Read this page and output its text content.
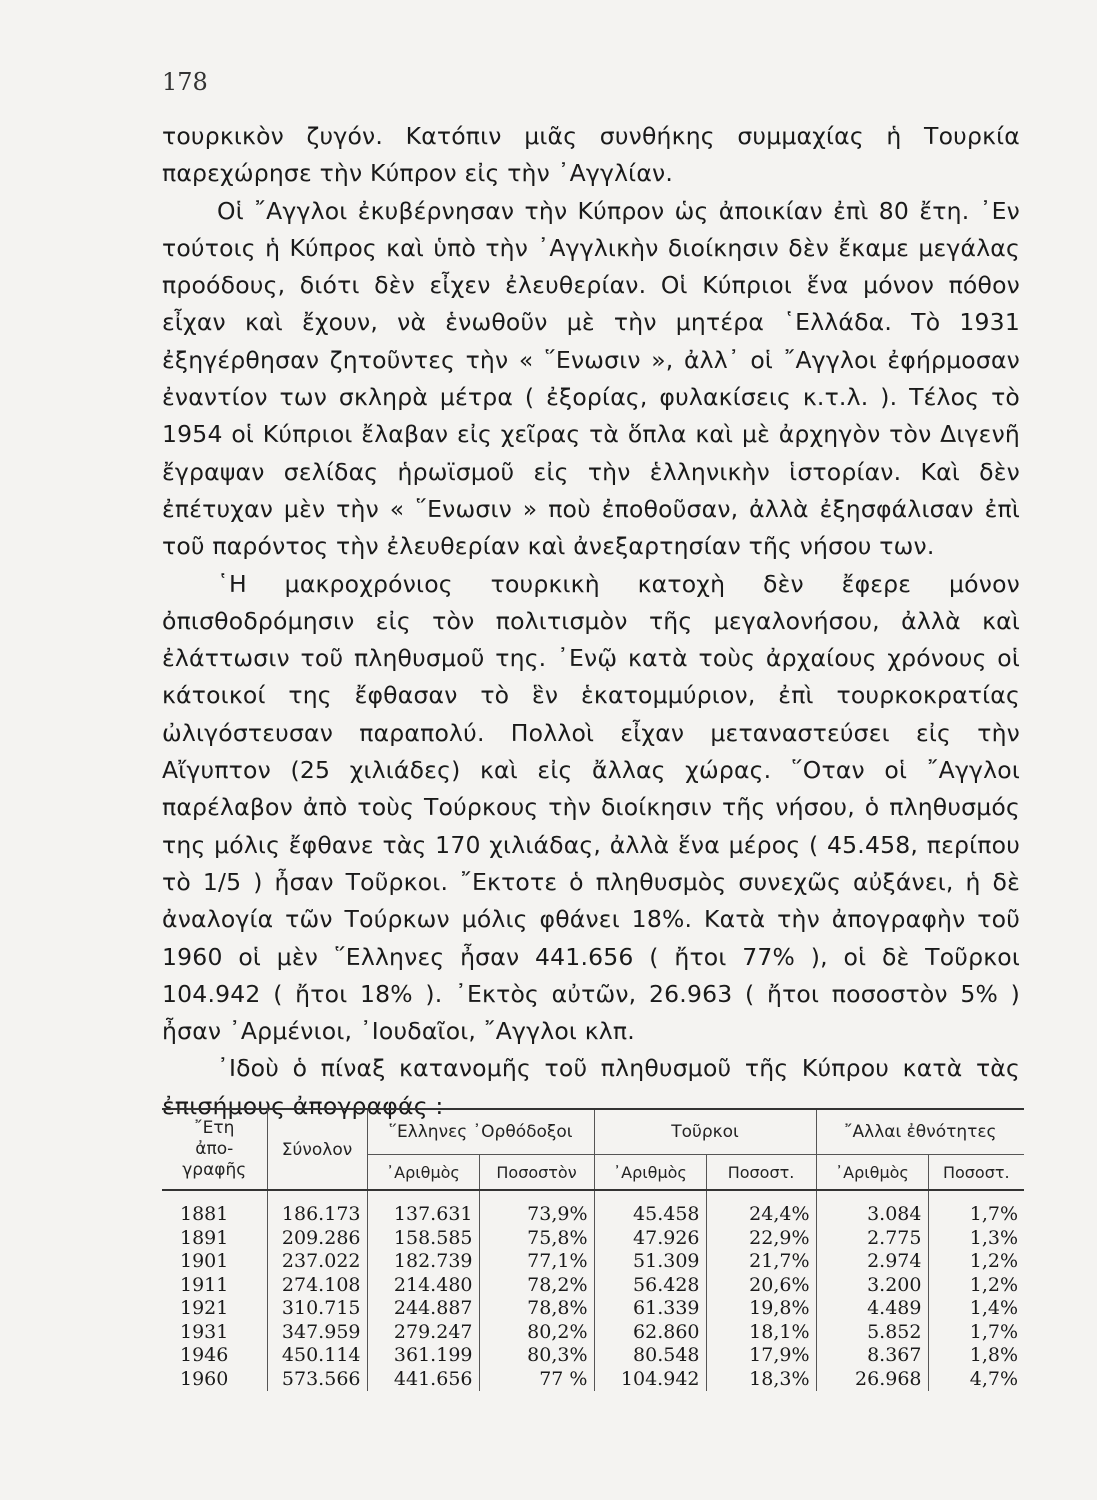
178

τουρκικὸν ζυγόν. Κατόπιν μιᾶς συνθήκης συμμαχίας ἡ Τουρκία παρεχώρησε τὴν Κύπρον εἰς τὴν ᾿Αγγλίαν.

Οἱ ῎Αγγλοι ἐκυβέρνησαν τὴν Κύπρον ὡς ἀποικίαν ἐπὶ 80 ἔτη. ᾿Εν τούτοις ἡ Κύπρος καὶ ὑπὸ τὴν ᾿Αγγλικὴν διοίκησιν δὲν ἔκαμε μεγάλας προόδους, διότι δὲν εἶχεν ἐλευθερίαν. Οἱ Κύπριοι ἕνα μόνον πόθον εἶχαν καὶ ἔχουν, νὰ ἑνωθοῦν μὲ τὴν μητέρα ῾Ελλάδα. Τὸ 1931 ἐξηγέρθησαν ζητοῦντες τὴν « ῞Ενωσιν », ἀλλ᾿ οἱ ῎Αγγλοι ἐφήρμοσαν ἐναντίον των σκληρὰ μέτρα ( ἐξορίας, φυλακίσεις κ.τ.λ. ). Τέλος τὸ 1954 οἱ Κύπριοι ἔλαβαν εἰς χεῖρας τὰ ὅπλα καὶ μὲ ἀρχηγὸν τὸν Διγενῆ ἔγραψαν σελίδας ἡρωϊσμοῦ εἰς τὴν ἑλληνικὴν ἱστορίαν. Καὶ δὲν ἐπέτυχαν μὲν τὴν « ῞Ενωσιν » ποὺ ἐποθοῦσαν, ἀλλὰ ἐξησφάλισαν ἐπὶ τοῦ παρόντος τὴν ἐλευθερίαν καὶ ἀνεξαρτησίαν τῆς νήσου των.

῾Η μακροχρόνιος τουρκικὴ κατοχὴ δὲν ἔφερε μόνον ὀπισθοδρόμησιν εἰς τὸν πολιτισμὸν τῆς μεγαλονήσου, ἀλλὰ καὶ ἐλάττωσιν τοῦ πληθυσμοῦ της. ᾿Ενῷ κατὰ τοὺς ἀρχαίους χρόνους οἱ κάτοικοί της ἔφθασαν τὸ ἓν ἑκατομμύριον, ἐπὶ τουρκοκρατίας ὠλιγόστευσαν παραπολύ. Πολλοὶ εἶχαν μεταναστεύσει εἰς τὴν Αἴγυπτον (25 χιλιάδες) καὶ εἰς ἄλλας χώρας. ῞Οταν οἱ ῎Αγγλοι παρέλαβον ἀπὸ τοὺς Τούρκους τὴν διοίκησιν τῆς νήσου, ὁ πληθυσμός της μόλις ἔφθανε τὰς 170 χιλιάδας, ἀλλὰ ἕνα μέρος ( 45.458, περίπου τὸ 1/5 ) ἦσαν Τοῦρκοι. ῎Εκτοτε ὁ πληθυσμὸς συνεχῶς αὐξάνει, ἡ δὲ ἀναλογία τῶν Τούρκων μόλις φθάνει 18%. Κατὰ τὴν ἀπογραφὴν τοῦ 1960 οἱ μὲν ῞Ελληνες ἦσαν 441.656 ( ἤτοι 77% ), οἱ δὲ Τοῦρκοι 104.942 ( ἤτοι 18% ). ᾿Εκτὸς αὐτῶν, 26.963 ( ἤτοι ποσοστὸν 5% ) ἦσαν ᾿Αρμένιοι, ᾿Ιουδαῖοι, ῎Αγγλοι κλπ.

᾿Ιδοὺ ὁ πίναξ κατανομῆς τοῦ πληθυσμοῦ τῆς Κύπρου κατὰ τὰς ἐπισήμους ἀπογραφάς :

῎Ετη
ἀπο-
γραφῆς	Σύνολον	῞Ελληνες ᾿Ορθόδοξοι		Τοῦρκοι		῎Αλλαι ἐθνότητες	
		᾿Αριθμὸς	Ποσοστὸν	᾿Αριθμὸς	Ποσοστ.	᾿Αριθμὸς	Ποσοστ.
1881	186.173	137.631	73,9%	45.458	24,4%	3.084	1,7%
1891	209.286	158.585	75,8%	47.926	22,9%	2.775	1,3%
1901	237.022	182.739	77,1%	51.309	21,7%	2.974	1,2%
1911	274.108	214.480	78,2%	56.428	20,6%	3.200	1,2%
1921	310.715	244.887	78,8%	61.339	19,8%	4.489	1,4%
1931	347.959	279.247	80,2%	62.860	18,1%	5.852	1,7%
1946	450.114	361.199	80,3%	80.548	17,9%	8.367	1,8%
1960	573.566	441.656	77 %	104.942	18,3%	26.968	4,7%
